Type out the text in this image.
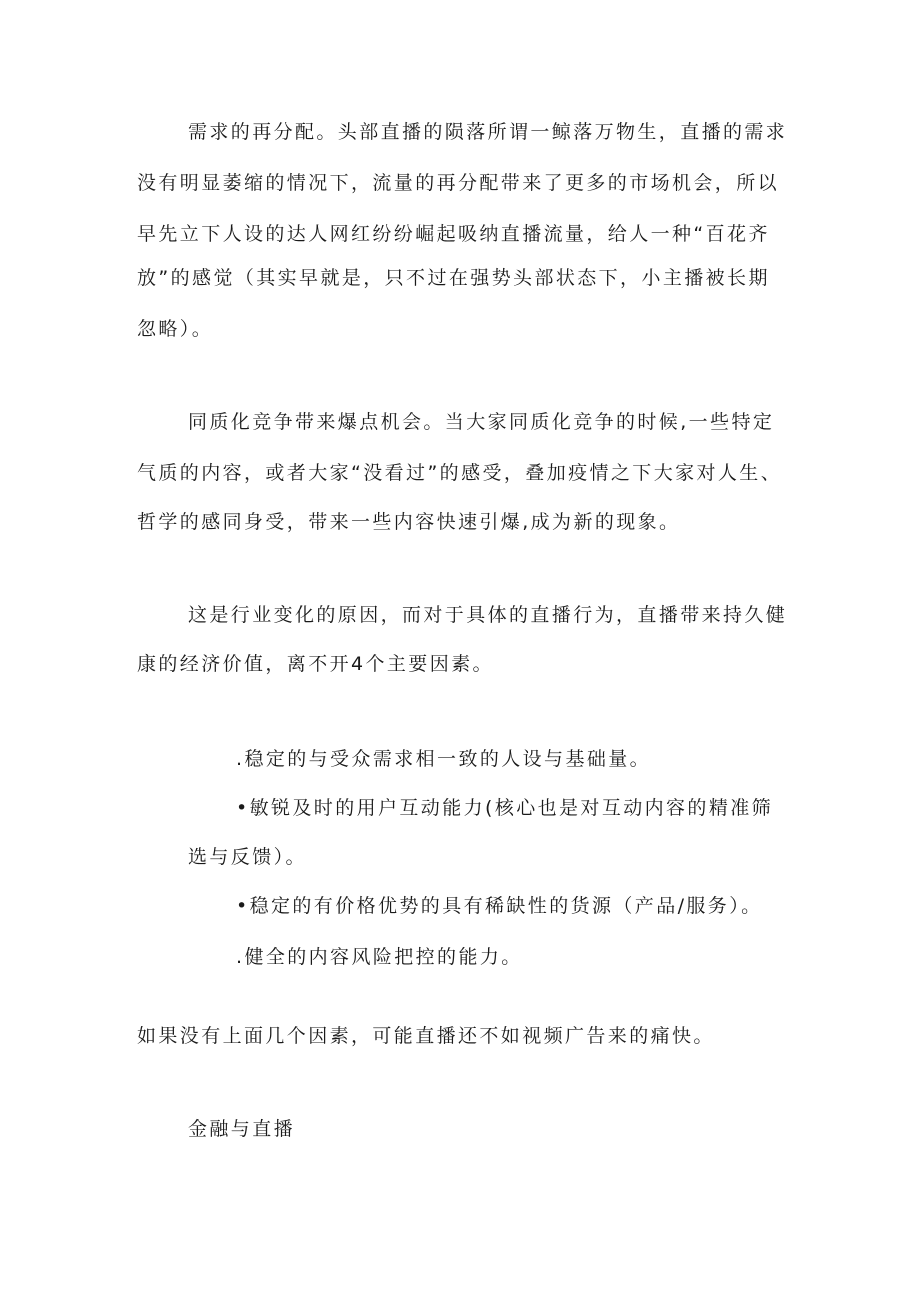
需求的再分配。头部直播的陨落所谓一鲸落万物生，直播的需求
没有明显萎缩的情况下，流量的再分配带来了更多的市场机会，所以
早先立下人设的达人网红纷纷崛起吸纳直播流量，给人一种“百花齐
放”的感觉（其实早就是，只不过在强势头部状态下，小主播被长期
忽略）。
同质化竞争带来爆点机会。当大家同质化竞争的时候,一些特定
气质的内容，或者大家“没看过”的感受，叠加疫情之下大家对人生、
哲学的感同身受，带来一些内容快速引爆,成为新的现象。
这是行业变化的原因，而对于具体的直播行为，直播带来持久健
康的经济价值，离不开4个主要因素。
.稳定的与受众需求相一致的人设与基础量。
•敏锐及时的用户互动能力(核心也是对互动内容的精准筛
选与反馈）。
•稳定的有价格优势的具有稀缺性的货源（产品/服务）。
.健全的内容风险把控的能力。
如果没有上面几个因素，可能直播还不如视频广告来的痛快。
金融与直播
